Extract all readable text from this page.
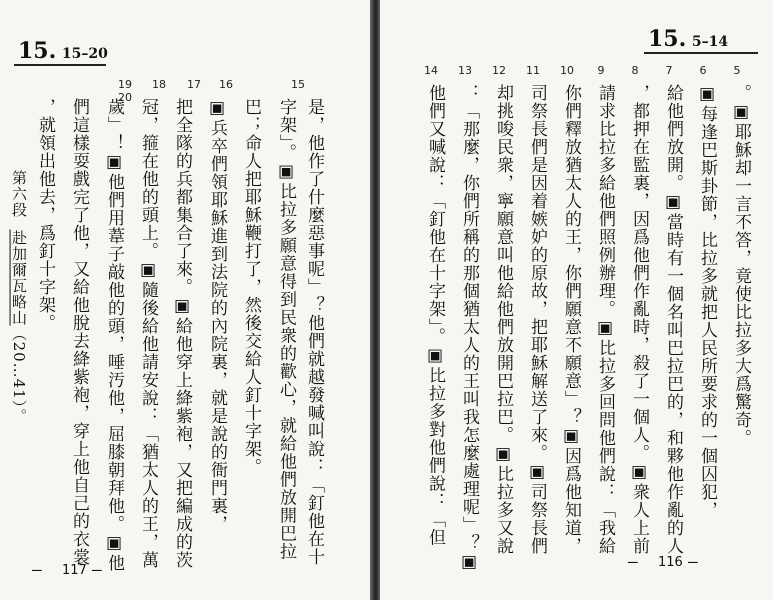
15. 15–20
15
16
17
18
19 20
是，他作了什麼惡事呢」？他們就越發喊叫說：「釘他在十
字架」。▣比拉多願意得到民衆的歡心，就給他們放開巴拉
巴；命人把耶穌鞭打了，然後交給人釘十字架。
▣兵卒們領耶穌進到法院的內院裏，就是說的衙門裏，
把全隊的兵都集合了來。▣給他穿上絳紫袍，又把編成的茨
冠，箍在他的頭上。▣隨後給他請安說：「猶太人的王，萬
歲」！▣他們用葦子敲他的頭，唾汚他，屈膝朝拜他。▣他
們這樣耍戲完了他，又給他脫去絳紫袍，穿上他自己的衣裳
，就領出他去，爲釘十字架。
第六段  赴加爾瓦略山（20…41）。
— 117 —
15. 5–14
14	13	12	11	10	9	8	7	6	5
。▣耶穌却一言不答，竟使比拉多大爲驚奇。
▣每逢巴斯卦節，比拉多就把人民所要求的一個囚犯，
給他們放開。▣當時有一個名叫巴拉巴的，和夥他作亂的人
，都押在監裏，因爲他們作亂時，殺了一個人。▣衆人上前
請求比拉多給他們照例辦理。▣比拉多回問他們說：「我給
你們釋放猶太人的王，你們願意不願意」？▣因爲他知道，
司祭長們是因着嫉妒的原故，把耶穌解送了來。▣司祭長們
却挑唆民衆，寧願意叫他給他們放開巴拉巴。▣比拉多又說
：「那麼，你們所稱的那個猶太人的王叫我怎麼處理呢」？▣
他們又喊說：「釘他在十字架」。▣比拉多對他們說：「但
— 116 —
